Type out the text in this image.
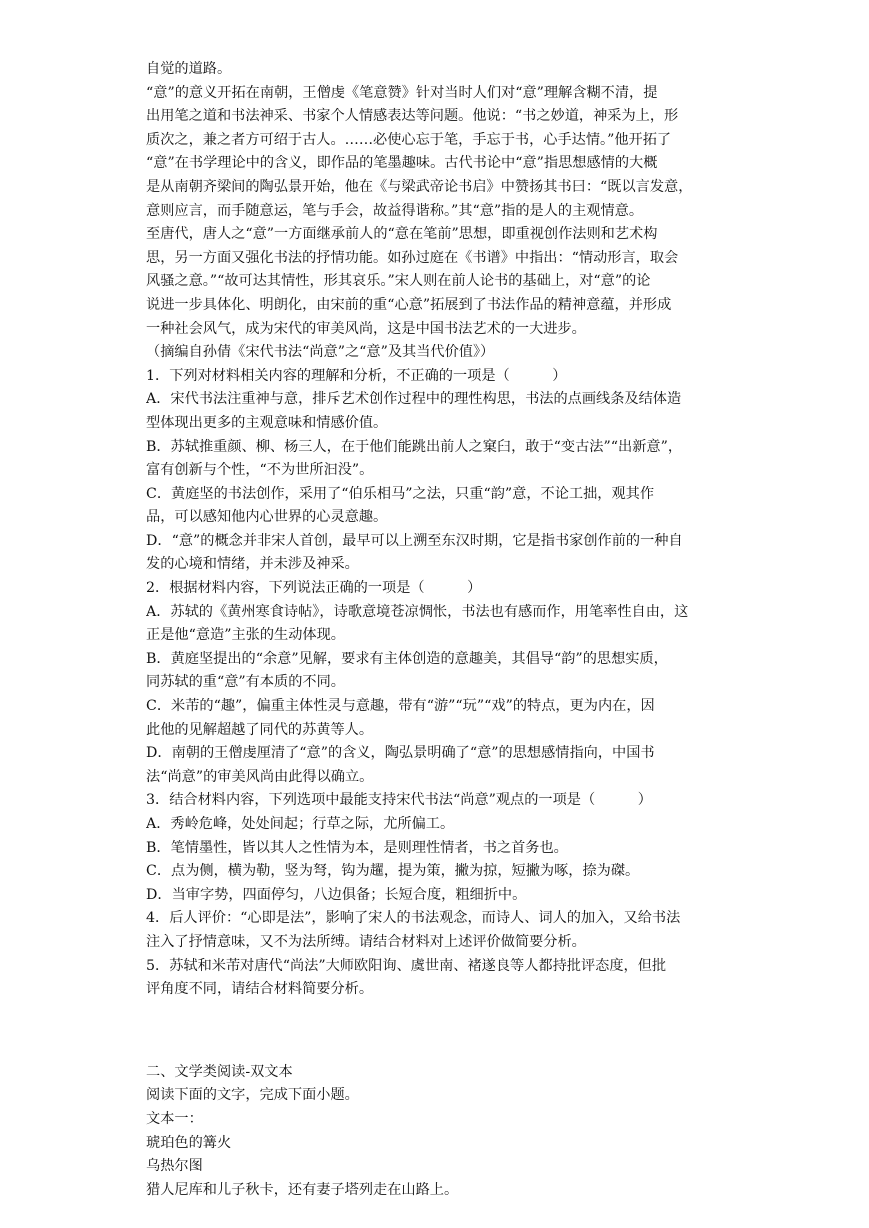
自觉的道路。
“意”的意义开拓在南朝，王僧虔《笔意赞》针对当时人们对“意”理解含糊不清，提
出用笔之道和书法神采、书家个人情感表达等问题。他说：“书之妙道，神采为上，形
质次之，兼之者方可绍于古人。……必使心忘于笔，手忘于书，心手达情。”他开拓了
“意”在书学理论中的含义，即作品的笔墨趣味。古代书论中“意”指思想感情的大概
是从南朝齐梁间的陶弘景开始，他在《与梁武帝论书启》中赞扬其书曰：“既以言发意，
意则应言，而手随意运，笔与手会，故益得谐称。”其“意”指的是人的主观情意。
至唐代，唐人之“意”一方面继承前人的“意在笔前”思想，即重视创作法则和艺术构
思，另一方面又强化书法的抒情功能。如孙过庭在《书谱》中指出：“情动形言，取会
风骚之意。”“故可达其情性，形其哀乐。”宋人则在前人论书的基础上，对“意”的论
说进一步具体化、明朗化，由宋前的重“心意”拓展到了书法作品的精神意蕴，并形成
一种社会风气，成为宋代的审美风尚，这是中国书法艺术的一大进步。
（摘编自孙倩《宋代书法“尚意”之“意”及其当代价值》）
1．下列对材料相关内容的理解和分析，不正确的一项是（　　　）
A．宋代书法注重神与意，排斥艺术创作过程中的理性构思，书法的点画线条及结体造
型体现出更多的主观意味和情感价值。
B．苏轼推重颜、柳、杨三人，在于他们能跳出前人之窠臼，敢于“变古法”“出新意”，
富有创新与个性，“不为世所汩没”。
C．黄庭坚的书法创作，采用了“伯乐相马”之法，只重“韵”意，不论工拙，观其作
品，可以感知他内心世界的心灵意趣。
D．“意”的概念并非宋人首创，最早可以上溯至东汉时期，它是指书家创作前的一种自
发的心境和情绪，并未涉及神采。
2．根据材料内容，下列说法正确的一项是（　　　）
A．苏轼的《黄州寒食诗帖》，诗歌意境苍凉惆怅，书法也有感而作，用笔率性自由，这
正是他“意造”主张的生动体现。
B．黄庭坚提出的“余意”见解，要求有主体创造的意趣美，其倡导“韵”的思想实质，
同苏轼的重“意”有本质的不同。
C．米芾的“趣”，偏重主体性灵与意趣，带有“游”“玩”“戏”的特点，更为内在，因
此他的见解超越了同代的苏黄等人。
D．南朝的王僧虔厘清了“意”的含义，陶弘景明确了“意”的思想感情指向，中国书
法“尚意”的审美风尚由此得以确立。
3．结合材料内容，下列选项中最能支持宋代书法“尚意”观点的一项是（　　　）
A．秀岭危峰，处处间起；行草之际，尤所偏工。
B．笔情墨性，皆以其人之性情为本，是则理性情者，书之首务也。
C．点为侧，横为勒，竖为弩，钩为趯，提为策，撇为掠，短撇为啄，捺为磔。
D．当审字势，四面停匀，八边俱备；长短合度，粗细折中。
4．后人评价：“心即是法”，影响了宋人的书法观念，而诗人、词人的加入，又给书法
注入了抒情意味，又不为法所缚。请结合材料对上述评价做简要分析。
5．苏轼和米芾对唐代“尚法”大师欧阳询、虞世南、褚遂良等人都持批评态度，但批
评角度不同，请结合材料简要分析。
二、文学类阅读-双文本
阅读下面的文字，完成下面小题。
文本一：
琥珀色的篝火
乌热尔图
猎人尼库和儿子秋卡，还有妻子塔列走在山路上。
